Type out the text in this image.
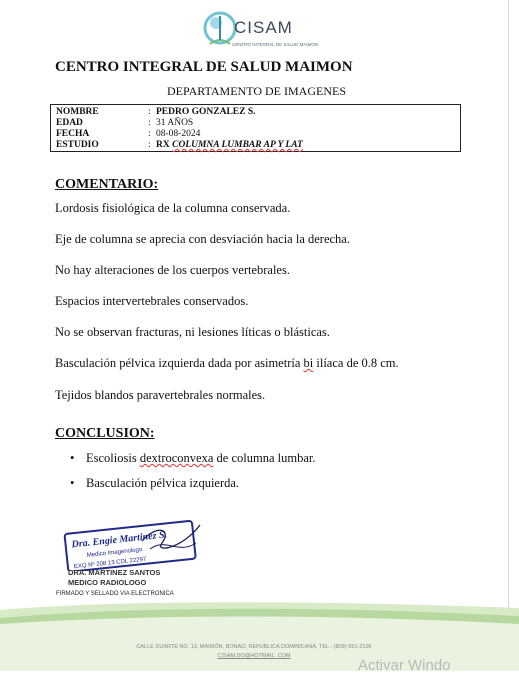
CISAM
CENTRO INTEGRAL DE SALUD MAIMON
CENTRO INTEGRAL DE SALUD MAIMON
DEPARTAMENTO DE IMAGENES
NOMBRE	: PEDRO GONZALEZ S.
EDAD	: 31 AÑOS
FECHA	: 08-08-2024
ESTUDIO	: RX COLUMNA LUMBAR AP Y LAT
COMENTARIO:
Lordosis fisiológica de la columna conservada.
Eje de columna se aprecia con desviación hacia la derecha.
No hay alteraciones de los cuerpos vertebrales.
Espacios intervertebrales conservados.
No se observan fracturas, ni lesiones líticas o blásticas.
Basculación pélvica izquierda dada por asimetría bi ilíaca de 0.8 cm.
Tejidos blandos paravertebrales normales.
CONCLUSION:
• Escoliosis dextroconvexa de columna lumbar.
• Basculación pélvica izquierda.
Dra. Engie Martinez S.
Medico Imagenologo
EXQ Nº 208 13 CDL 22297
DRA. MARTINEZ SANTOS
MEDICO RADIOLOGO
FIRMADO Y SELLADO VIA ELECTRONICA
CALLE DUARTE NO. 13, MAIMÓN, BONAO, REPUBLICA DOMINICANA, TEL.: (809)-551-2106
CISAM.DO@HOTMAIL .COM
Activar Windo
